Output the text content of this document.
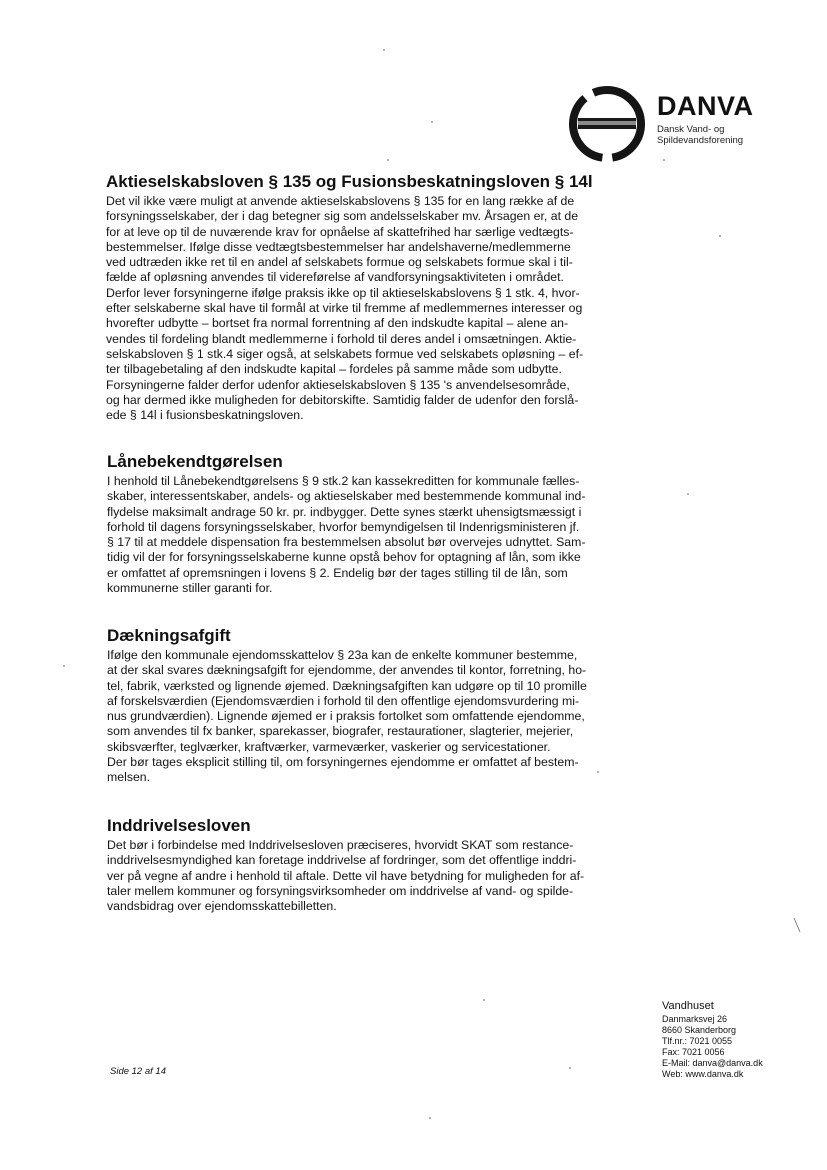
DANVA
Dansk Vand- og
Spildevandsforening
Aktieselskabsloven § 135 og Fusionsbeskatningsloven § 14l

Det vil ikke være muligt at anvende aktieselskabslovens § 135 for en lang række af de
forsyningsselskaber, der i dag betegner sig som andelsselskaber mv. Årsagen er, at de
for at leve op til de nuværende krav for opnåelse af skattefrihed har særlige vedtægts-
bestemmelser. Ifølge disse vedtægtsbestemmelser har andelshaverne/medlemmerne
ved udtræden ikke ret til en andel af selskabets formue og selskabets formue skal i til-
fælde af opløsning anvendes til videreførelse af vandforsyningsaktiviteten i området.
Derfor lever forsyningerne ifølge praksis ikke op til aktieselskabslovens § 1 stk. 4, hvor-
efter selskaberne skal have til formål at virke til fremme af medlemmernes interesser og
hvorefter udbytte – bortset fra normal forrentning af den indskudte kapital – alene an-
vendes til fordeling blandt medlemmerne i forhold til deres andel i omsætningen. Aktie-
selskabsloven § 1 stk.4 siger også, at selskabets formue ved selskabets opløsning – ef-
ter tilbagebetaling af den indskudte kapital – fordeles på samme måde som udbytte.
Forsyningerne falder derfor udenfor aktieselskabsloven § 135 's anvendelsesområde,
og har dermed ikke muligheden for debitorskifte. Samtidig falder de udenfor den forslå-
ede § 14l i fusionsbeskatningsloven.

Lånebekendtgørelsen

I henhold til Lånebekendtgørelsens § 9 stk.2 kan kassekreditten for kommunale fælles-
skaber, interessentskaber, andels- og aktieselskaber med bestemmende kommunal ind-
flydelse maksimalt andrage 50 kr. pr. indbygger. Dette synes stærkt uhensigtsmæssigt i
forhold til dagens forsyningsselskaber, hvorfor bemyndigelsen til Indenrigsministeren jf.
§ 17 til at meddele dispensation fra bestemmelsen absolut bør overvejes udnyttet. Sam-
tidig vil der for forsyningsselskaberne kunne opstå behov for optagning af lån, som ikke
er omfattet af opremsningen i lovens § 2. Endelig bør der tages stilling til de lån, som
kommunerne stiller garanti for.

Dækningsafgift

Ifølge den kommunale ejendomsskattelov § 23a kan de enkelte kommuner bestemme,
at der skal svares dækningsafgift for ejendomme, der anvendes til kontor, forretning, ho-
tel, fabrik, værksted og lignende øjemed. Dækningsafgiften kan udgøre op til 10 promille
af forskelsværdien (Ejendomsværdien i forhold til den offentlige ejendomsvurdering mi-
nus grundværdien). Lignende øjemed er i praksis fortolket som omfattende ejendomme,
som anvendes til fx banker, sparekasser, biografer, restaurationer, slagterier, mejerier,
skibsværfter, teglværker, kraftværker, varmeværker, vaskerier og servicestationer.
Der bør tages eksplicit stilling til, om forsyningernes ejendomme er omfattet af bestem-
melsen.

Inddrivelsesloven

Det bør i forbindelse med Inddrivelsesloven præciseres, hvorvidt SKAT som restance-
inddrivelsesmyndighed kan foretage inddrivelse af fordringer, som det offentlige inddri-
ver på vegne af andre i henhold til aftale. Dette vil have betydning for muligheden for af-
taler mellem kommuner og forsyningsvirksomheder om inddrivelse af vand- og spilde-
vandsbidrag over ejendomsskattebilletten.

Side 12 af 14
Vandhuset
Danmarksvej 26
8660 Skanderborg
Tlf.nr.: 7021 0055
Fax: 7021 0056
E-Mail: danva@danva.dk
Web: www.danva.dk
